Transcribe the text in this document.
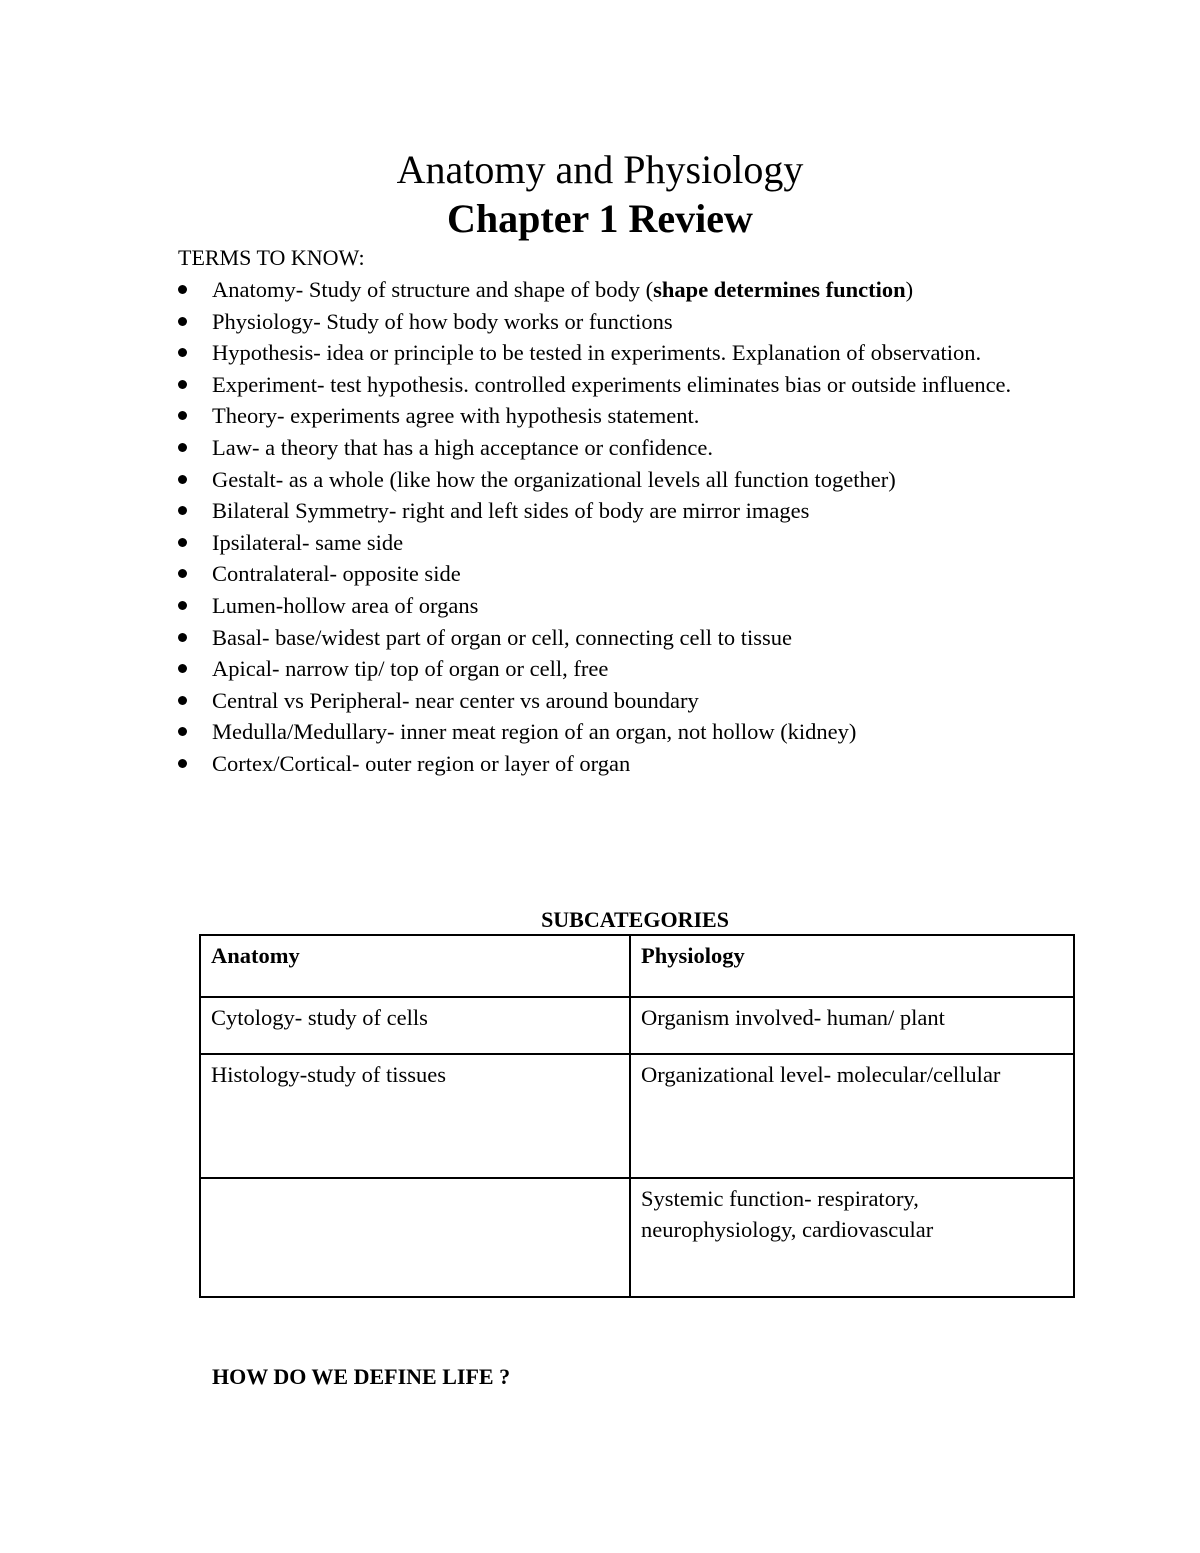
Anatomy and Physiology
Chapter 1 Review

TERMS TO KNOW:

Anatomy- Study of structure and shape of body (shape determines function)
Physiology- Study of how body works or functions
Hypothesis- idea or principle to be tested in experiments. Explanation of observation.
Experiment- test hypothesis. controlled experiments eliminates bias or outside influence.
Theory- experiments agree with hypothesis statement.
Law- a theory that has a high acceptance or confidence.
Gestalt- as a whole (like how the organizational levels all function together)
Bilateral Symmetry- right and left sides of body are mirror images
Ipsilateral- same side
Contralateral- opposite side
Lumen-hollow area of organs
Basal- base/widest part of organ or cell, connecting cell to tissue
Apical- narrow tip/ top of organ or cell, free
Central vs Peripheral- near center vs around boundary
Medulla/Medullary- inner meat region of an organ, not hollow (kidney)
Cortex/Cortical- outer region or layer of organ

SUBCATEGORIES

Anatomy	Physiology
Cytology- study of cells	Organism involved- human/ plant
Histology-study of tissues	Organizational level- molecular/cellular
	Systemic function- respiratory, neurophysiology, cardiovascular

HOW DO WE DEFINE LIFE ?
